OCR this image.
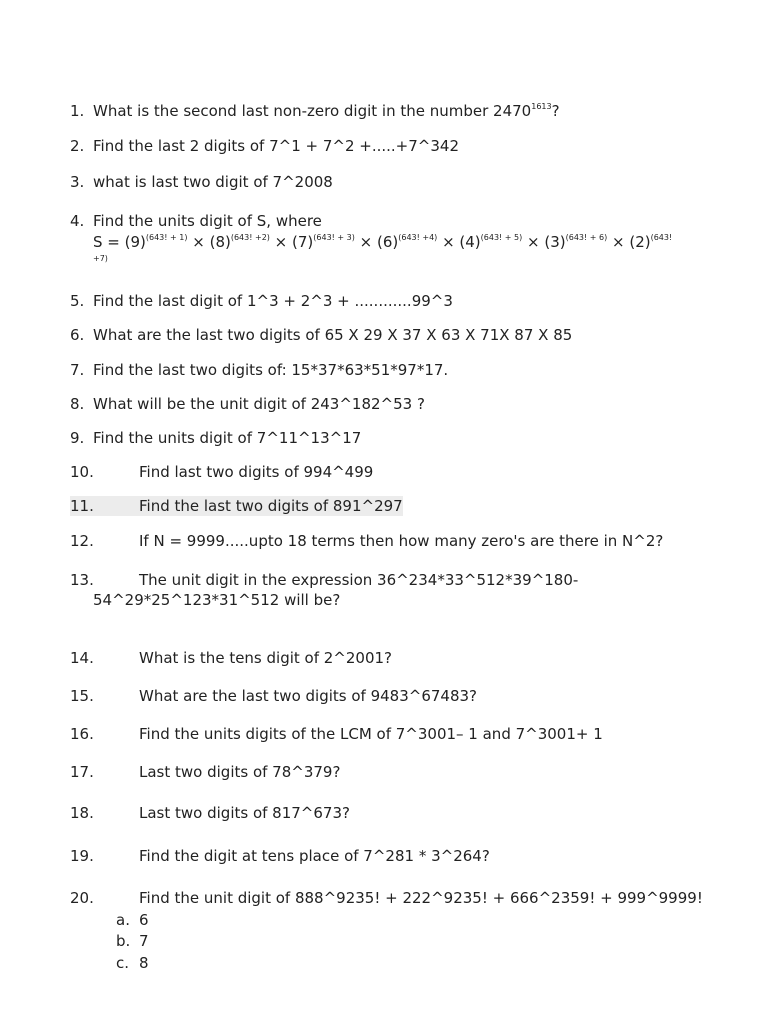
1. What is the second last non-zero digit in the number $2470^{1613}$?
2. Find the last 2 digits of 7^1 + 7^2 +.....+7^342
3. what is last two digit of 7^2008
4. Find the units digit of S, where
$S = (9)^{(643! + 1)} \times (8)^{(643! +2)} \times (7)^{(643! + 3)} \times (6)^{(643! +4)} \times (4)^{(643! + 5)} \times (3)^{(643! + 6)} \times (2)^{(643!}$
+7)
5. Find the last digit of 1^3 + 2^3 + ............99^3
6. What are the last two digits of 65 X 29 X 37 X 63 X 71X 87 X 85
7. Find the last two digits of: 15*37*63*51*97*17.
8. What will be the unit digit of 243^182^53 ?
9. Find the units digit of 7^11^13^17
10.	Find last two digits of 994^499
11.	Find the last two digits of 891^297
12.	If N = 9999.....upto 18 terms then how many zero's are there in N^2?
13.	The unit digit in the expression 36^234*33^512*39^180-
54^29*25^123*31^512 will be?
14.	What is the tens digit of 2^2001?
15.	What are the last two digits of 9483^67483?
16.	Find the units digits of the LCM of 7^3001– 1 and 7^3001+ 1
17.	Last two digits of 78^379?
18.	Last two digits of 817^673?
19.	Find the digit at tens place of 7^281 * 3^264?
20.	Find the unit digit of 888^9235! + 222^9235! + 666^2359! + 999^9999!
a. 6
b. 7
c. 8
